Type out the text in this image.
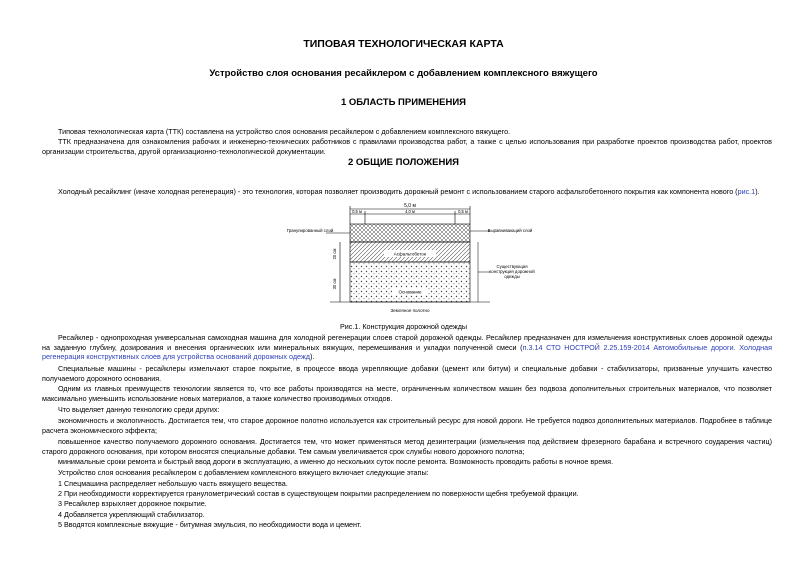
ТИПОВАЯ ТЕХНОЛОГИЧЕСКАЯ КАРТА
Устройство слоя основания ресайклером с добавлением комплексного вяжущего
1 ОБЛАСТЬ ПРИМЕНЕНИЯ
Типовая технологическая карта (ТТК) составлена на устройство слоя основания ресайклером с добавлением комплексного вяжущего.
ТТК предназначена для ознакомления рабочих и инженерно-технических работников с правилами производства работ, а также с целью использования при разработке проектов производства работ, проектов организации строительства, другой организационно-технологической документации.
2 ОБЩИЕ ПОЛОЖЕНИЯ
Холодный ресайклинг (иначе холодная регенерация) - это технология, которая позволяет производить дорожный ремонт с использованием старого асфальтобетонного покрытия как компонента нового (рис.1).
5,0 м
0,5 м	4,0 м	0,5 м
Асфальтобетон
Основание
Земляное полотно
20 см
30 см
Гранулированный слой	Выравнивающий слой
Существующая конструкция дорожной одежды
Рис.1. Конструкция дорожной одежды
Ресайклер - однопроходная универсальная самоходная машина для холодной регенерации слоев старой дорожной одежды. Ресайклер предназначен для измельчения конструктивных слоев дорожной одежды на заданную глубину, дозирования и внесения органических или минеральных вяжущих, перемешивания и укладки полученной смеси (п.3.14 СТО НОСТРОЙ 2.25.159-2014 Автомобильные дороги. Холодная регенерация конструктивных слоев для устройства оснований дорожных одежд).
Специальные машины - ресайклеры измельчают старое покрытие, в процессе ввода укрепляющие добавки (цемент или битум) и специальные добавки - стабилизаторы, призванные улучшить качество получаемого дорожного основания.
Одним из главных преимуществ технологии является то, что все работы производятся на месте, ограниченным количеством машин без подвоза дополнительных строительных материалов, что позволяет максимально уменьшить использование новых материалов, а также количество производимых отходов.
Что выделяет данную технологию среди других:
экономичность и экологичность. Достигается тем, что старое дорожное полотно используется как строительный ресурс для новой дороги. Не требуется подвоз дополнительных материалов. Подробнее в таблице расчета экономического эффекта;
повышенное качество получаемого дорожного основания. Достигается тем, что может применяться метод дезинтеграции (измельчения под действием фрезерного барабана и встречного соударения частиц) старого дорожного основания, при котором вносятся специальные добавки. Тем самым увеличивается срок службы нового дорожного полотна;
минимальные сроки ремонта и быстрый ввод дороги в эксплуатацию, а именно до нескольких суток после ремонта. Возможность проводить работы в ночное время.
Устройство слоя основания ресайклером с добавлением комплексного вяжущего включает следующие этапы:
1 Спецмашина распределяет небольшую часть вяжущего вещества.
2 При необходимости корректируется гранулометрический состав в существующем покрытии распределением по поверхности щебня требуемой фракции.
3 Ресайклер взрыхляет дорожное покрытие.
4 Добавляется укрепляющий стабилизатор.
5 Вводятся комплексные вяжущие - битумная эмульсия, по необходимости вода и цемент.
